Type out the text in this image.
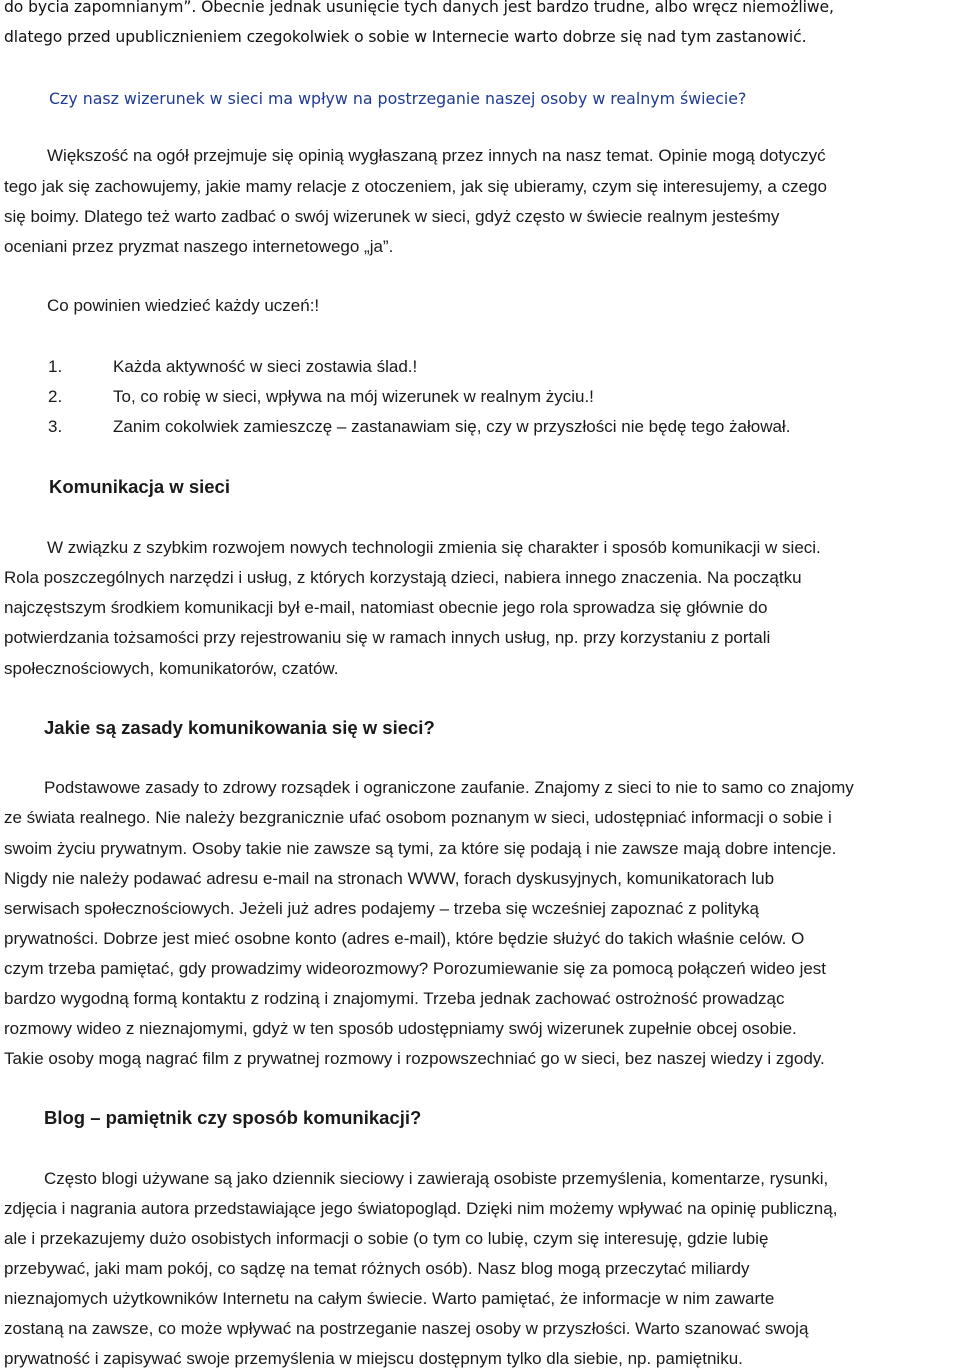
do bycia zapomnianym”. Obecnie jednak usunięcie tych danych jest bardzo trudne, albo wręcz niemożliwe,
dlatego przed upublicznieniem czegokolwiek o sobie w Internecie warto dobrze się nad tym zastanowić.
Czy nasz wizerunek w sieci ma wpływ na postrzeganie naszej osoby w realnym świecie?
Większość na ogół przejmuje się opinią wygłaszaną przez innych na nasz temat. Opinie mogą dotyczyć
tego jak się zachowujemy, jakie mamy relacje z otoczeniem, jak się ubieramy, czym się interesujemy, a czego
się boimy. Dlatego też warto zadbać o swój wizerunek w sieci, gdyż często w świecie realnym jesteśmy
oceniani przez pryzmat naszego internetowego „ja”.
Co powinien wiedzieć każdy uczeń:!
1.	Każda aktywność w sieci zostawia ślad.!
2.	To, co robię w sieci, wpływa na mój wizerunek w realnym życiu.!
3.	Zanim cokolwiek zamieszczę – zastanawiam się, czy w przyszłości nie będę tego żałował.
Komunikacja w sieci
W związku z szybkim rozwojem nowych technologii zmienia się charakter i sposób komunikacji w sieci.
Rola poszczególnych narzędzi i usług, z których korzystają dzieci, nabiera innego znaczenia. Na początku
najczęstszym środkiem komunikacji był e-mail, natomiast obecnie jego rola sprowadza się głównie do
potwierdzania tożsamości przy rejestrowaniu się w ramach innych usług, np. przy korzystaniu z portali
społecznościowych, komunikatorów, czatów.
Jakie są zasady komunikowania się w sieci?
Podstawowe zasady to zdrowy rozsądek i ograniczone zaufanie. Znajomy z sieci to nie to samo co znajomy
ze świata realnego. Nie należy bezgranicznie ufać osobom poznanym w sieci, udostępniać informacji o sobie i
swoim życiu prywatnym. Osoby takie nie zawsze są tymi, za które się podają i nie zawsze mają dobre intencje.
Nigdy nie należy podawać adresu e-mail na stronach WWW, forach dyskusyjnych, komunikatorach lub
serwisach społecznościowych. Jeżeli już adres podajemy – trzeba się wcześniej zapoznać z polityką
prywatności. Dobrze jest mieć osobne konto (adres e-mail), które będzie służyć do takich właśnie celów. O
czym trzeba pamiętać, gdy prowadzimy wideorozmowy? Porozumiewanie się za pomocą połączeń wideo jest
bardzo wygodną formą kontaktu z rodziną i znajomymi. Trzeba jednak zachować ostrożność prowadząc
rozmowy wideo z nieznajomymi, gdyż w ten sposób udostępniamy swój wizerunek zupełnie obcej osobie.
Takie osoby mogą nagrać film z prywatnej rozmowy i rozpowszechniać go w sieci, bez naszej wiedzy i zgody.
Blog – pamiętnik czy sposób komunikacji?
Często blogi używane są jako dziennik sieciowy i zawierają osobiste przemyślenia, komentarze, rysunki,
zdjęcia i nagrania autora przedstawiające jego światopogląd. Dzięki nim możemy wpływać na opinię publiczną,
ale i przekazujemy dużo osobistych informacji o sobie (o tym co lubię, czym się interesuję, gdzie lubię
przebywać, jaki mam pokój, co sądzę na temat różnych osób). Nasz blog mogą przeczytać miliardy
nieznajomych użytkowników Internetu na całym świecie. Warto pamiętać, że informacje w nim zawarte
zostaną na zawsze, co może wpływać na postrzeganie naszej osoby w przyszłości. Warto szanować swoją
prywatność i zapisywać swoje przemyślenia w miejscu dostępnym tylko dla siebie, np. pamiętniku.
